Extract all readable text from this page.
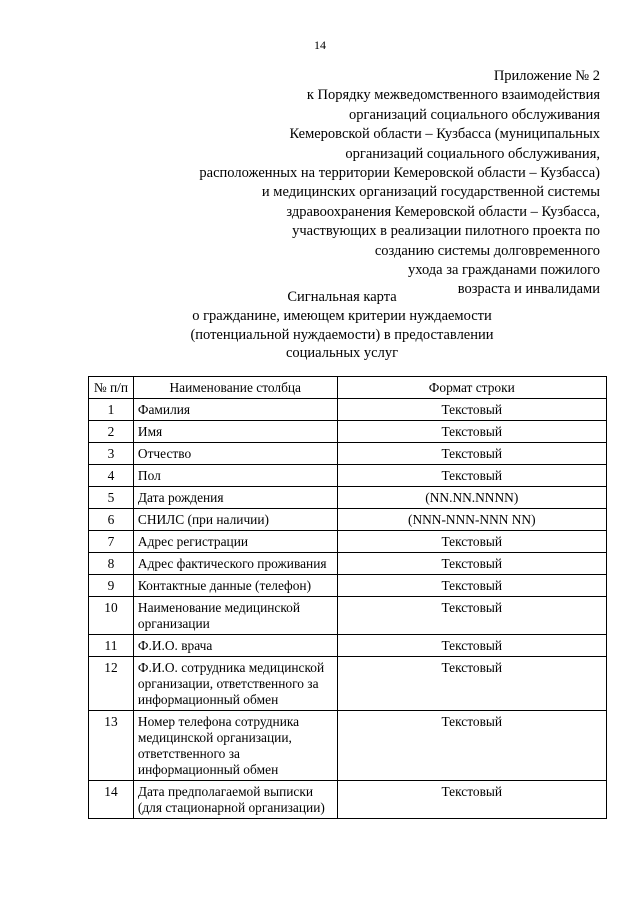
14
Приложение № 2
к Порядку межведомственного взаимодействия
организаций социального обслуживания
Кемеровской области – Кузбасса (муниципальных
организаций социального обслуживания,
расположенных на территории Кемеровской области – Кузбасса)
и медицинских организаций государственной системы
здравоохранения Кемеровской области – Кузбасса,
участвующих в реализации пилотного проекта по
созданию системы долговременного
ухода за гражданами пожилого
возраста и инвалидами
Сигнальная карта
о гражданине, имеющем критерии нуждаемости
(потенциальной нуждаемости) в предоставлении
социальных услуг
№ п/п	Наименование столбца	Формат строки
1	Фамилия	Текстовый
2	Имя	Текстовый
3	Отчество	Текстовый
4	Пол	Текстовый
5	Дата рождения	(NN.NN.NNNN)
6	СНИЛС (при наличии)	(NNN-NNN-NNN NN)
7	Адрес регистрации	Текстовый
8	Адрес фактического проживания	Текстовый
9	Контактные данные (телефон)	Текстовый
10	Наименование медицинской организации	Текстовый
11	Ф.И.О. врача	Текстовый
12	Ф.И.О. сотрудника медицинской организации, ответственного за информационный обмен	Текстовый
13	Номер телефона сотрудника медицинской организации, ответственного за информационный обмен	Текстовый
14	Дата предполагаемой выписки (для стационарной организации)	Текстовый
